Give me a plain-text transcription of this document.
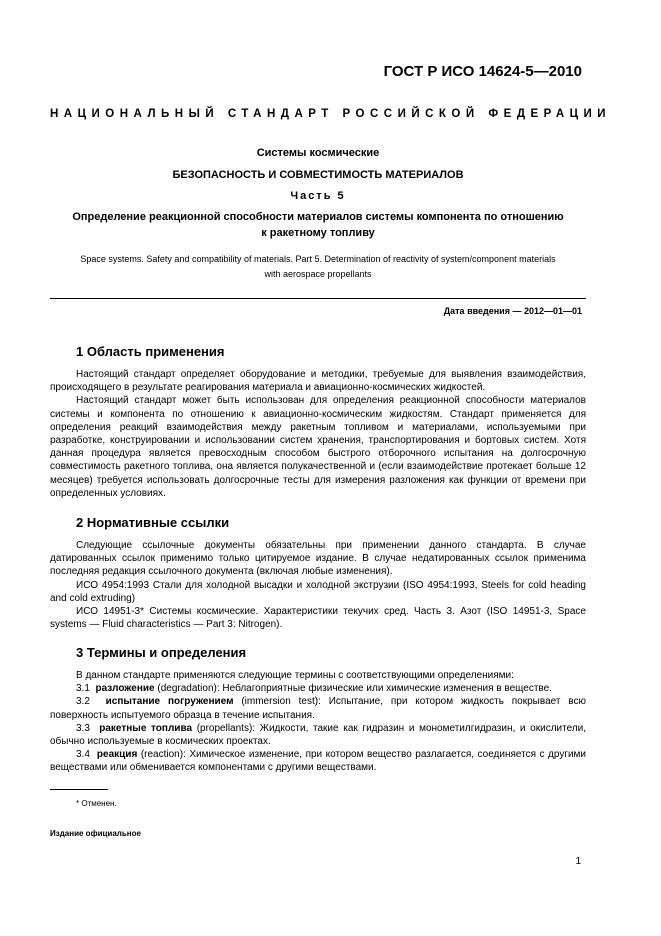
ГОСТ Р ИСО 14624-5—2010
НАЦИОНАЛЬНЫЙ СТАНДАРТ РОССИЙСКОЙ ФЕДЕРАЦИИ
Системы космические
БЕЗОПАСНОСТЬ И СОВМЕСТИМОСТЬ МАТЕРИАЛОВ
Часть 5
Определение реакционной способности материалов системы компонента по отношению
к ракетному топливу
Space systems. Safety and compatibility of materials. Part 5. Determination of reactivity of system/component materials
with aerospace propellants
Дата введения — 2012—01—01
1 Область применения

Настоящий стандарт определяет оборудование и методики, требуемые для выявления взаимодействия, происходящего в результате реагирования материала и авиационно-космических жидкостей.

Настоящий стандарт может быть использован для определения реакционной способности материалов системы и компонента по отношению к авиационно-космическим жидкостям. Стандарт применяется для определения реакций взаимодействия между ракетным топливом и материалами, используемыми при разработке, конструировании и использовании систем хранения, транспортирования и бортовых систем. Хотя данная процедура является превосходным способом быстрого отборочного испытания на долгосрочную совместимость ракетного топлива, она является полукачественной и (если взаимодействие протекает больше 12 месяцев) требуется использовать долгосрочные тесты для измерения разложения как функции от времени при определенных условиях.

2 Нормативные ссылки

Следующие ссылочные документы обязательны при применении данного стандарта. В случае датированных ссылок применимо только цитируемое издание. В случае недатированных ссылок применима последняя редакция ссылочного документа (включая любые изменения).

ИСО 4954:1993 Стали для холодной высадки и холодной экструзии (ISO 4954:1993, Steels for cold heading and cold extruding)

ИСО 14951-3* Системы космические. Характеристики текучих сред. Часть 3. Азот (ISO 14951-3, Space systems — Fluid characteristics — Part 3: Nitrogen).

3 Термины и определения

В данном стандарте применяются следующие термины с соответствующими определениями:

3.1 разложение (degradation): Неблагоприятные физические или химические изменения в веществе.

3.2 испытание погружением (immersion test): Испытание, при котором жидкость покрывает всю поверхность испытуемого образца в течение испытания.

3.3 ракетные топлива (propellants): Жидкости, такие как гидразин и монометилгидразин, и окислители, обычно используемые в космических проектах.

3.4 реакция (reaction): Химическое изменение, при котором вещество разлагается, соединяется с другими веществами или обменивается компонентами с другими веществами.

* Отменен.
Издание официальное
1
